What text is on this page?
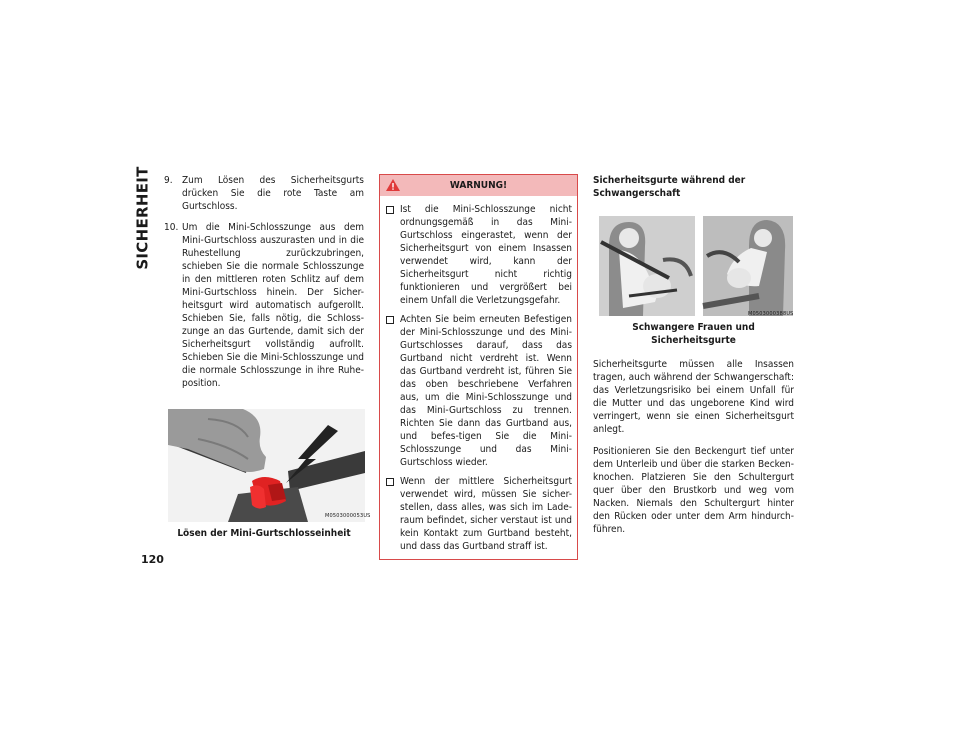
SICHERHEIT
120
9. Zum Lösen des Sicherheitsgurts drücken Sie die rote Taste am Gurtschloss.
10. Um die Mini-Schlosszunge aus dem Mini-Gurtschloss auszurasten und in die Ruhestellung zurückzubringen, schieben Sie die normale Schlosszunge in den mittleren roten Schlitz auf dem Mini-Gurtschloss hinein. Der Sicher-heitsgurt wird automatisch aufgerollt. Schieben Sie, falls nötig, die Schloss-zunge an das Gurtende, damit sich der Sicherheitsgurt vollständig aufrollt. Schieben Sie die Mini-Schlosszunge und die normale Schlosszunge in ihre Ruhe-position.
M0503000053US
Lösen der Mini-Gurtschlosseinheit
WARNUNG!
Ist die Mini-Schlosszunge nicht ordnungsgemäß in das Mini-Gurtschloss eingerastet, wenn der Sicherheitsgurt von einem Insassen verwendet wird, kann der Sicherheitsgurt nicht richtig funktionieren und vergrößert bei einem Unfall die Verletzungsgefahr.
Achten Sie beim erneuten Befestigen der Mini-Schlosszunge und des Mini-Gurtschlosses darauf, dass das Gurtband nicht verdreht ist. Wenn das Gurtband verdreht ist, führen Sie das oben beschriebene Verfahren aus, um die Mini-Schlosszunge und das Mini-Gurtschloss zu trennen. Richten Sie dann das Gurtband aus, und befes-tigen Sie die Mini-Schlosszunge und das Mini-Gurtschloss wieder.
Wenn der mittlere Sicherheitsgurt verwendet wird, müssen Sie sicher-stellen, dass alles, was sich im Lade-raum befindet, sicher verstaut ist und kein Kontakt zum Gurtband besteht, und dass das Gurtband straff ist.
Sicherheitsgurte während der Schwangerschaft
M0503000388US
Schwangere Frauen und Sicherheitsgurte
Sicherheitsgurte müssen alle Insassen tragen, auch während der Schwangerschaft: das Verletzungsrisiko bei einem Unfall für die Mutter und das ungeborene Kind wird verringert, wenn sie einen Sicherheitsgurt anlegt.
Positionieren Sie den Beckengurt tief unter dem Unterleib und über die starken Becken-knochen. Platzieren Sie den Schultergurt quer über den Brustkorb und weg vom Nacken. Niemals den Schultergurt hinter den Rücken oder unter dem Arm hindurch-führen.
